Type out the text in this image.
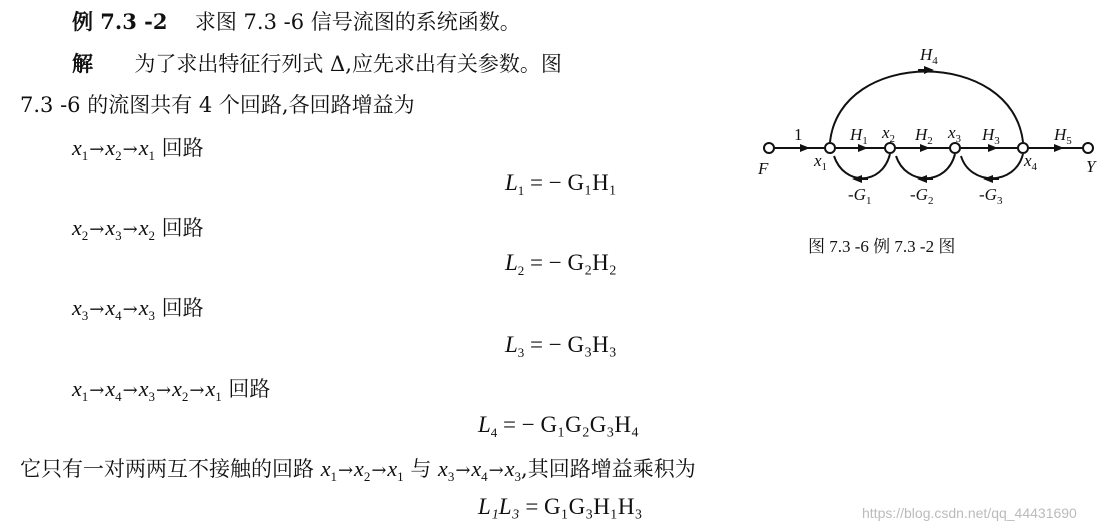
例 7.3 -2 求图 7.3 -6 信号流图的系统函数。
解 为了求出特征行列式 Δ,应先求出有关参数。图
7.3 -6 的流图共有 4 个回路,各回路增益为
$x_1\to x_2\to x_1$ 回路
$L_1$ = − G₁H₁
$x_2\to x_3\to x_2$ 回路
$L_2$ = − G₂H₂
$x_3\to x_4\to x_3$ 回路
$L_3$ = − G₃H₃
$x_1\to x_4\to x_3\to x_2\to x_1$ 回路
$L_4$ = − G₁G₂G₃H₄
它只有一对两两互不接触的回路 $x_1\to x_2\to x_1$ 与 $x_3\to x_4\to x_3$,其回路增益乘积为
L₁L₃ = G₁G₃H₁H₃
$H_4$
1	$H_1$	$H_2$	$H_3$	$H_5$
$x_2$	$x_3$
$x_1$	$x_4$
F	Y
$-G_1$ $-G_2$	$-G_3$
图 7.3 -6 例 7.3 -2 图
https://blog.csdn.net/qq_44431690
